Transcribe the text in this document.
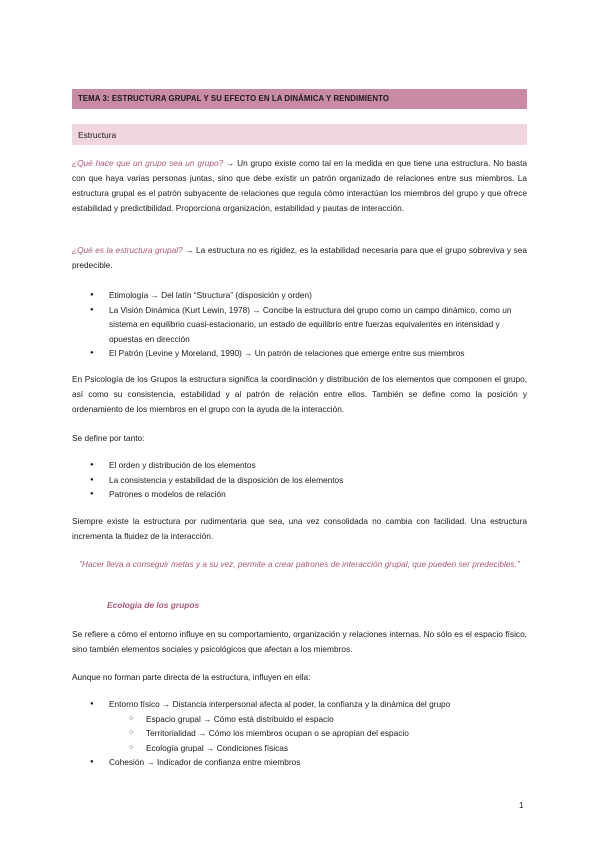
TEMA 3: ESTRUCTURA GRUPAL Y SU EFECTO EN LA DINÁMICA Y RENDIMIENTO
Estructura

¿Qué hace que un grupo sea un grupo? → Un grupo existe como tal en la medida en que tiene una estructura. No basta con que haya varias personas juntas, sino que debe existir un patrón organizado de relaciones entre sus miembros. La estructura grupal es el patrón subyacente de relaciones que regula cómo interactúan los miembros del grupo y que ofrece estabilidad y predictibilidad. Proporciona organización, estabilidad y pautas de interacción.

¿Qué es la estructura grupal? → La estructura no es rigidez, es la estabilidad necesaria para que el grupo sobreviva y sea predecible.

● Etimología → Del latín “Structura” (disposición y orden)
● La Visión Dinámica (Kurt Lewin, 1978) → Concibe la estructura del grupo como un campo dinámico, como un sistema en equilibrio cuasi-estacionario, un estado de equilibrio entre fuerzas equivalentes en intensidad y opuestas en dirección
● El Patrón (Levine y Moreland, 1990) → Un patrón de relaciones que emerge entre sus miembros

En Psicología de los Grupos la estructura significa la coordinación y distribución de los elementos que componen el grupo, así como su consistencia, estabilidad y al patrón de relación entre ellos. También se define como la posición y ordenamiento de los miembros en el grupo con la ayuda de la interacción.

Se define por tanto:

● El orden y distribución de los elementos
● La consistencia y estabilidad de la disposición de los elementos
● Patrones o modelos de relación

Siempre existe la estructura por rudimentaria que sea, una vez consolidada no cambia con facilidad. Una estructura incrementa la fluidez de la interacción.

“Hacer lleva a conseguir metas y a su vez, permite a crear patrones de interacción grupal, que pueden ser predecibles.”

Ecología de los grupos

Se refiere a cómo el entorno influye en su comportamiento, organización y relaciones internas. No sólo es el espacio físico, sino también elementos sociales y psicológicos que afectan a los miembros.

Aunque no forman parte directa de la estructura, influyen en ella:

● Entorno físico → Distancia interpersonal afecta al poder, la confianza y la dinámica del grupo
○ Espacio grupal → Cómo está distribuido el espacio
○ Territorialidad → Cómo los miembros ocupan o se apropian del espacio
○ Ecología grupal → Condiciones físicas
● Cohesión → Indicador de confianza entre miembros
1
